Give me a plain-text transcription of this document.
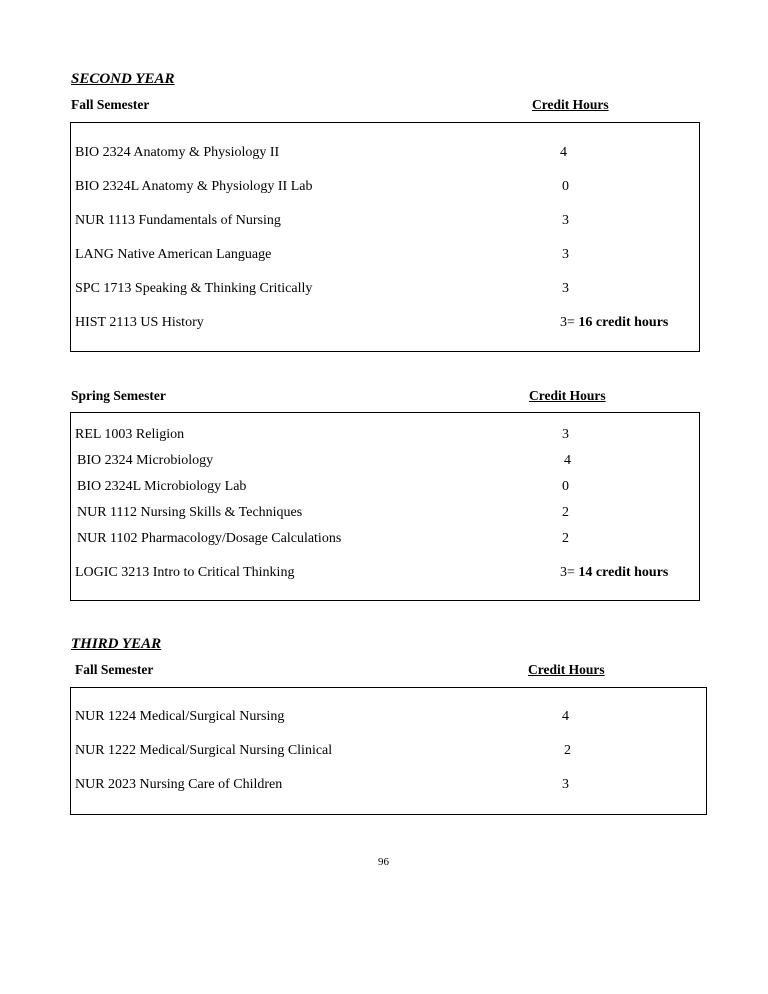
SECOND YEAR
Fall Semester	Credit Hours
BIO 2324 Anatomy & Physiology II	4
BIO 2324L Anatomy & Physiology II Lab	0
NUR 1113 Fundamentals of Nursing	3
LANG Native American Language	3
SPC 1713 Speaking & Thinking Critically	3
HIST 2113 US History	3= 16 credit hours
Spring Semester	Credit Hours
REL 1003 Religion	3
BIO 2324 Microbiology	4
BIO 2324L Microbiology Lab	0
NUR 1112 Nursing Skills & Techniques	2
NUR 1102 Pharmacology/Dosage Calculations	2
LOGIC 3213 Intro to Critical Thinking	3= 14 credit hours
THIRD YEAR
Fall Semester	Credit Hours
NUR 1224 Medical/Surgical Nursing	4
NUR 1222 Medical/Surgical Nursing Clinical	2
NUR 2023 Nursing Care of Children	3
96
